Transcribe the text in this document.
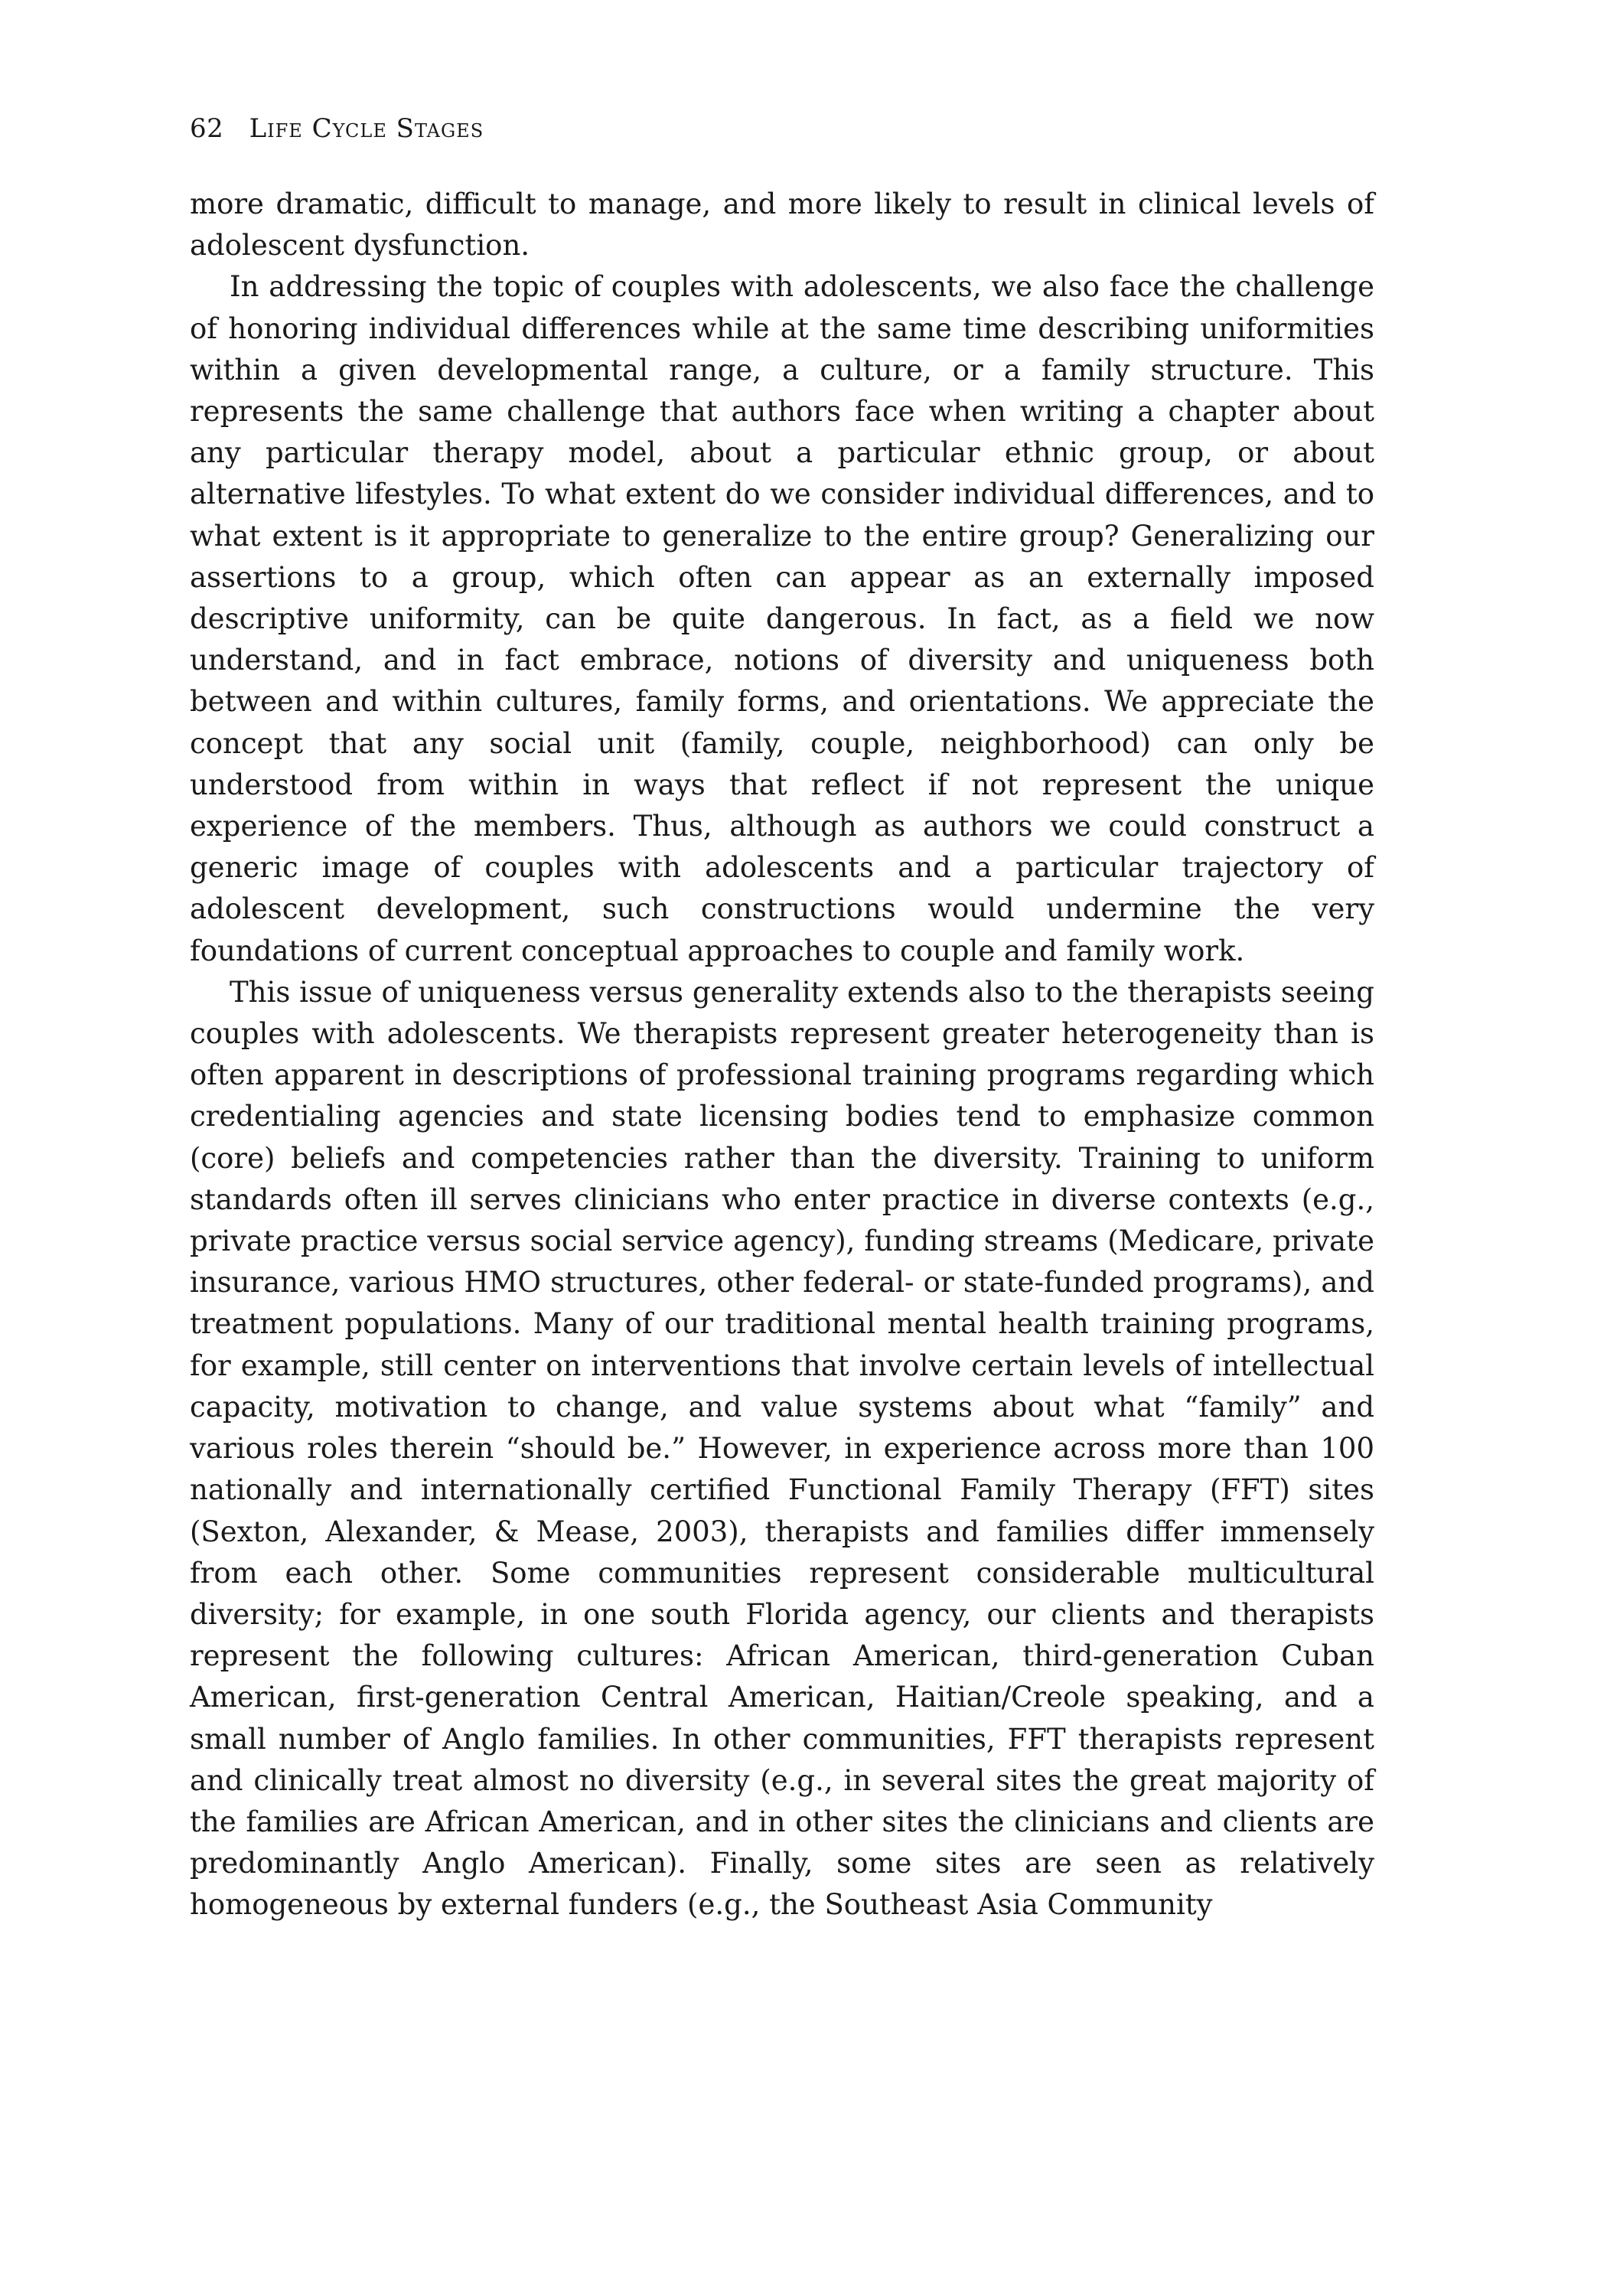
62 Life Cycle Stages

more dramatic, difficult to manage, and more likely to result in clinical levels of adolescent dysfunction.

In addressing the topic of couples with adolescents, we also face the challenge of honoring individual differences while at the same time describing uniformities within a given developmental range, a culture, or a family structure. This represents the same challenge that authors face when writing a chapter about any particular therapy model, about a particular ethnic group, or about alternative lifestyles. To what extent do we consider individual differences, and to what extent is it appropriate to generalize to the entire group? Generalizing our assertions to a group, which often can appear as an externally imposed descriptive uniformity, can be quite dangerous. In fact, as a field we now understand, and in fact embrace, notions of diversity and uniqueness both between and within cultures, family forms, and orientations. We appreciate the concept that any social unit (family, couple, neighborhood) can only be understood from within in ways that reflect if not represent the unique experience of the members. Thus, although as authors we could construct a generic image of couples with adolescents and a particular trajectory of adolescent development, such constructions would undermine the very foundations of current conceptual approaches to couple and family work.

This issue of uniqueness versus generality extends also to the therapists seeing couples with adolescents. We therapists represent greater heterogeneity than is often apparent in descriptions of professional training programs regarding which credentialing agencies and state licensing bodies tend to emphasize common (core) beliefs and competencies rather than the diversity. Training to uniform standards often ill serves clinicians who enter practice in diverse contexts (e.g., private practice versus social service agency), funding streams (Medicare, private insurance, various HMO structures, other federal- or state-funded programs), and treatment populations. Many of our traditional mental health training programs, for example, still center on interventions that involve certain levels of intellectual capacity, motivation to change, and value systems about what “family” and various roles therein “should be.” However, in experience across more than 100 nationally and internationally certified Functional Family Therapy (FFT) sites (Sexton, Alexander, & Mease, 2003), therapists and families differ immensely from each other. Some communities represent considerable multicultural diversity; for example, in one south Florida agency, our clients and therapists represent the following cultures: African American, third-generation Cuban American, first-generation Central American, Haitian/Creole speaking, and a small number of Anglo families. In other communities, FFT therapists represent and clinically treat almost no diversity (e.g., in several sites the great majority of the families are African American, and in other sites the clinicians and clients are predominantly Anglo American). Finally, some sites are seen as relatively homogeneous by external funders (e.g., the Southeast Asia Community
